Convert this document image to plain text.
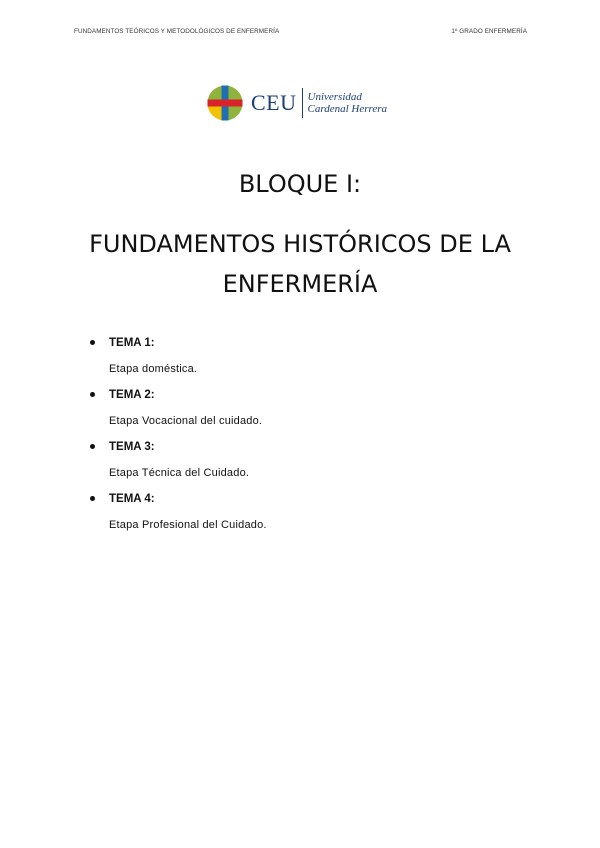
FUNDAMENTOS TEÓRICOS Y METODOLÓGICOS DE ENFERMERÍA	1º GRADO ENFERMERÍA
CEU Universidad
Cardenal Herrera
BLOQUE I:
FUNDAMENTOS HISTÓRICOS DE LA
ENFERMERÍA
TEMA 1:
Etapa doméstica.
TEMA 2:
Etapa Vocacional del cuidado.
TEMA 3:
Etapa Técnica del Cuidado.
TEMA 4:
Etapa Profesional del Cuidado.
